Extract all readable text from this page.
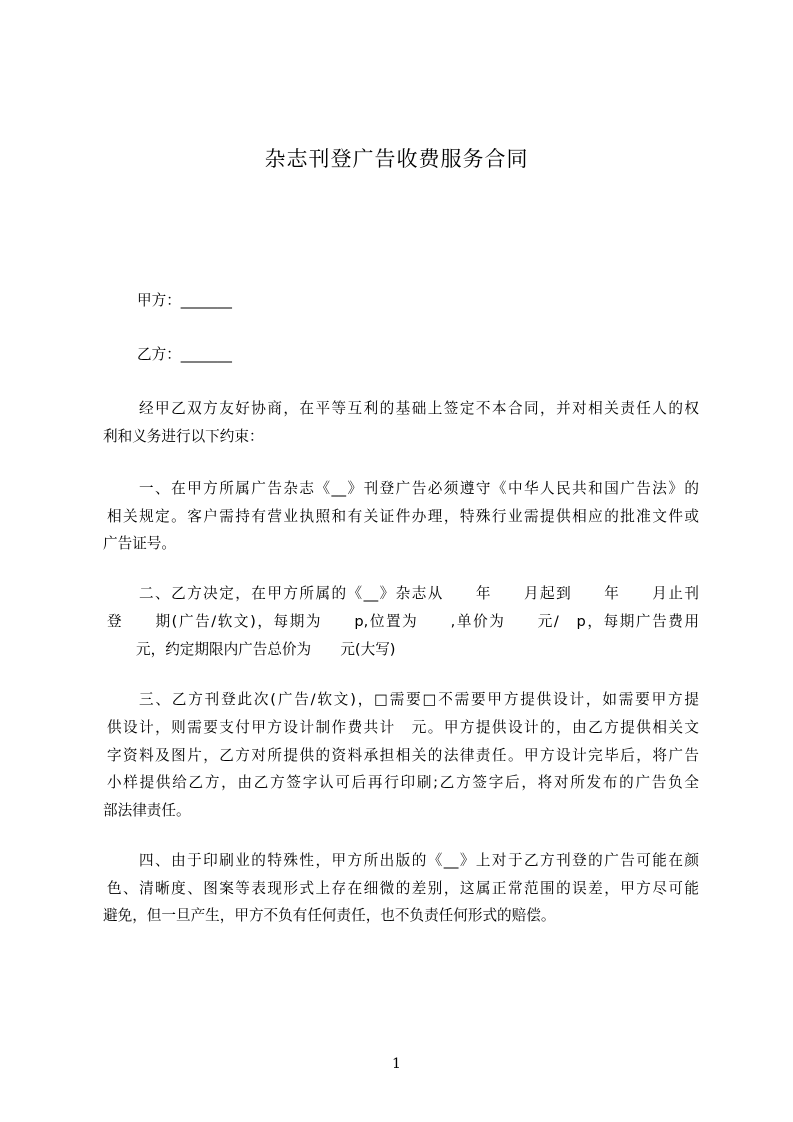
杂志刊登广告收费服务合同
甲方：_______
乙方：_______
经甲乙双方友好协商，在平等互利的基础上签定不本合同，并对相关责任人的权
利和义务进行以下约束：
一、在甲方所属广告杂志《__》刊登广告必须遵守《中华人民共和国广告法》的
相关规定。客户需持有营业执照和有关证件办理，特殊行业需提供相应的批准文件或
广告证号。
二、乙方决定，在甲方所属的《__》杂志从　　年　　月起到　　年　　月止刊
登　　期(广告/软文)，每期为　　p,位置为　　,单价为　　元/　p，每期广告费用
元，约定期限内广告总价为　　元(大写)
三、乙方刊登此次(广告/软文)，□需要□不需要甲方提供设计，如需要甲方提
供设计，则需要支付甲方设计制作费共计　元。甲方提供设计的，由乙方提供相关文
字资料及图片，乙方对所提供的资料承担相关的法律责任。甲方设计完毕后，将广告
小样提供给乙方，由乙方签字认可后再行印刷;乙方签字后，将对所发布的广告负全
部法律责任。
四、由于印刷业的特殊性，甲方所出版的《__》上对于乙方刊登的广告可能在颜
色、清晰度、图案等表现形式上存在细微的差别，这属正常范围的误差，甲方尽可能
避免，但一旦产生，甲方不负有任何责任，也不负责任何形式的赔偿。
1
